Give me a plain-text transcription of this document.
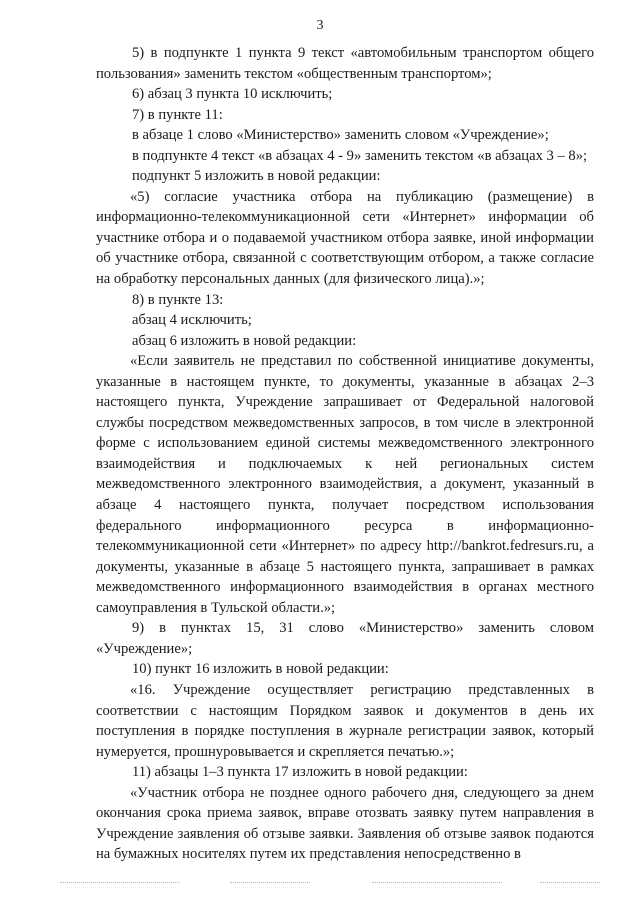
3

5) в подпункте 1 пункта 9 текст «автомобильным транспортом общего пользования» заменить текстом «общественным транспортом»;

6) абзац 3 пункта 10 исключить;

7) в пункте 11:

в абзаце 1 слово «Министерство» заменить словом «Учреждение»;

в подпункте 4 текст «в абзацах 4 - 9» заменить текстом «в абзацах 3 – 8»;

подпункт 5 изложить в новой редакции:

«5) согласие участника отбора на публикацию (размещение) в информационно-телекоммуникационной сети «Интернет» информации об участнике отбора и о подаваемой участником отбора заявке, иной информации об участнике отбора, связанной с соответствующим отбором, а также согласие на обработку персональных данных (для физического лица).»;

8) в пункте 13:

абзац 4 исключить;

абзац 6 изложить в новой редакции:

«Если заявитель не представил по собственной инициативе документы, указанные в настоящем пункте, то документы, указанные в абзацах 2–3 настоящего пункта, Учреждение запрашивает от Федеральной налоговой службы посредством межведомственных запросов, в том числе в электронной форме с использованием единой системы межведомственного электронного взаимодействия и подключаемых к ней региональных систем межведомственного электронного взаимодействия, а документ, указанный в абзаце 4 настоящего пункта, получает посредством использования федерального информационного ресурса в информационно-телекоммуникационной сети «Интернет» по адресу http://bankrot.fedresurs.ru, а документы, указанные в абзаце 5 настоящего пункта, запрашивает в рамках межведомственного информационного взаимодействия в органах местного самоуправления в Тульской области.»;

9) в пунктах 15, 31 слово «Министерство» заменить словом «Учреждение»;

10) пункт 16 изложить в новой редакции:

«16. Учреждение осуществляет регистрацию представленных в соответствии с настоящим Порядком заявок и документов в день их поступления в порядке поступления в журнале регистрации заявок, который нумеруется, прошнуровывается и скрепляется печатью.»;

11) абзацы 1–3 пункта 17 изложить в новой редакции:

«Участник отбора не позднее одного рабочего дня, следующего за днем окончания срока приема заявок, вправе отозвать заявку путем направления в Учреждение заявления об отзыве заявки. Заявления об отзыве заявок подаются на бумажных носителях путем их представления непосредственно в
